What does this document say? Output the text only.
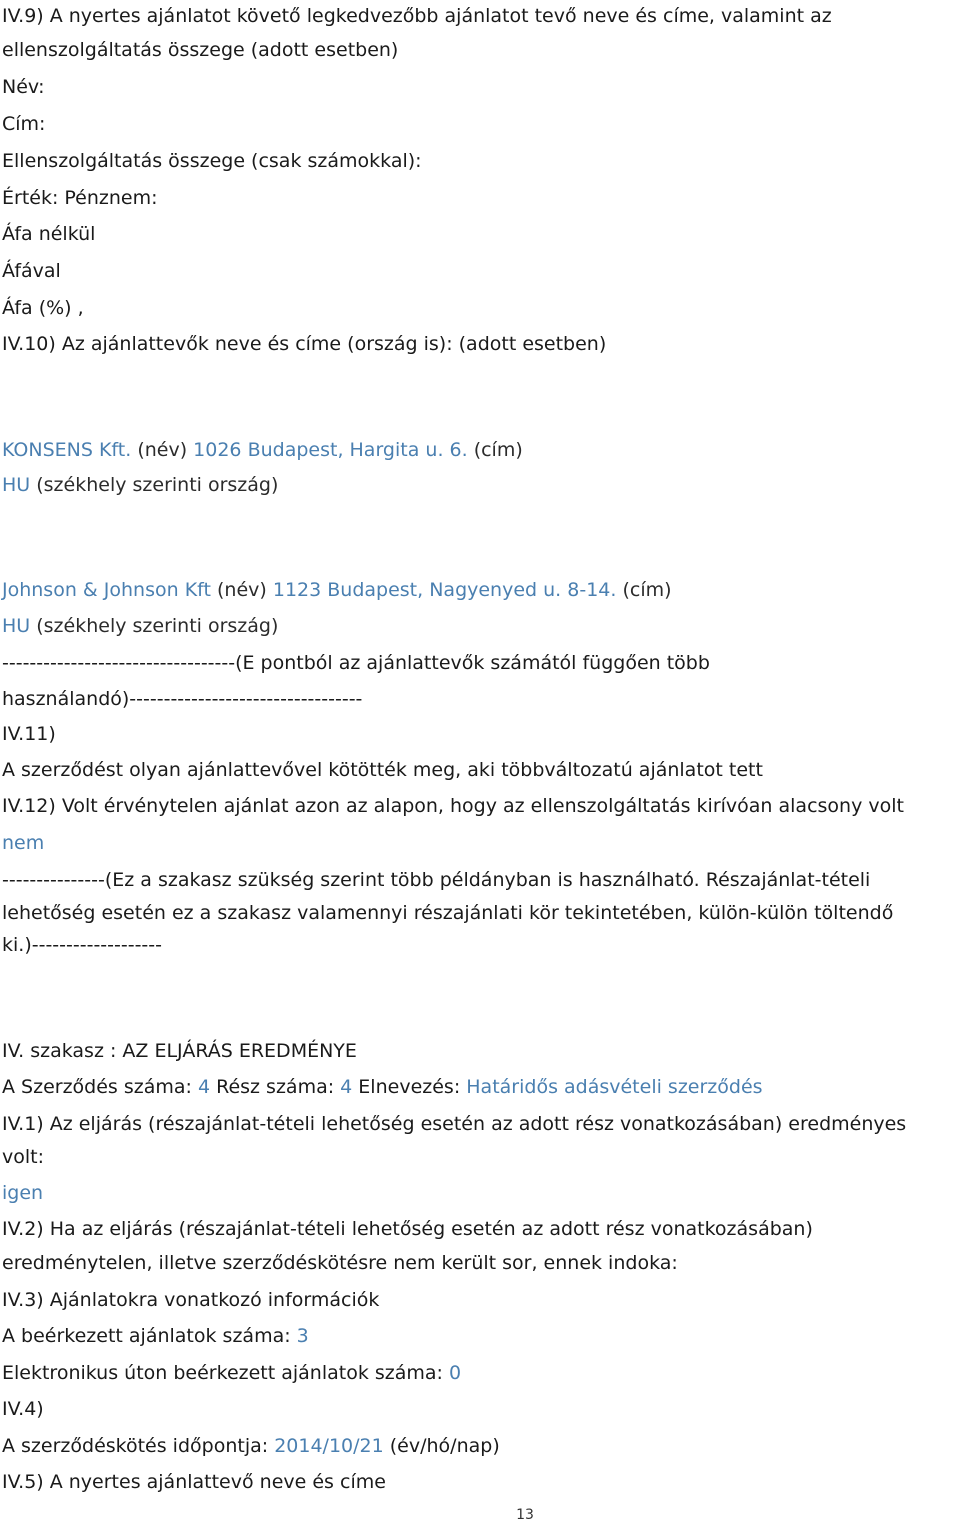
IV.9) A nyertes ajánlatot követő legkedvezőbb ajánlatot tevő neve és címe, valamint az
ellenszolgáltatás összege (adott esetben)
Név:
Cím:
Ellenszolgáltatás összege (csak számokkal):
Érték: Pénznem:
Áfa nélkül
Áfával
Áfa (%) ,
IV.10) Az ajánlattevők neve és címe (ország is): (adott esetben)
KONSENS Kft. (név) 1026 Budapest, Hargita u. 6. (cím)
HU (székhely szerinti ország)
Johnson & Johnson Kft (név) 1123 Budapest, Nagyenyed u. 8-14. (cím)
HU (székhely szerinti ország)
----------------------------------(E pontból az ajánlattevők számától függően több
használandó)----------------------------------
IV.11)
A szerződést olyan ajánlattevővel kötötték meg, aki többváltozatú ajánlatot tett
IV.12) Volt érvénytelen ajánlat azon az alapon, hogy az ellenszolgáltatás kirívóan alacsony volt
nem
---------------(Ez a szakasz szükség szerint több példányban is használható. Részajánlat-tételi
lehetőség esetén ez a szakasz valamennyi részajánlati kör tekintetében, külön-külön töltendő
ki.)-------------------
IV. szakasz : AZ ELJÁRÁS EREDMÉNYE
A Szerződés száma: 4 Rész száma: 4 Elnevezés: Határidős adásvételi szerződés
IV.1) Az eljárás (részajánlat-tételi lehetőség esetén az adott rész vonatkozásában) eredményes
volt:
igen
IV.2) Ha az eljárás (részajánlat-tételi lehetőség esetén az adott rész vonatkozásában)
eredménytelen, illetve szerződéskötésre nem került sor, ennek indoka:
IV.3) Ajánlatokra vonatkozó információk
A beérkezett ajánlatok száma: 3
Elektronikus úton beérkezett ajánlatok száma: 0
IV.4)
A szerződéskötés időpontja: 2014/10/21 (év/hó/nap)
IV.5) A nyertes ajánlattevő neve és címe
13
